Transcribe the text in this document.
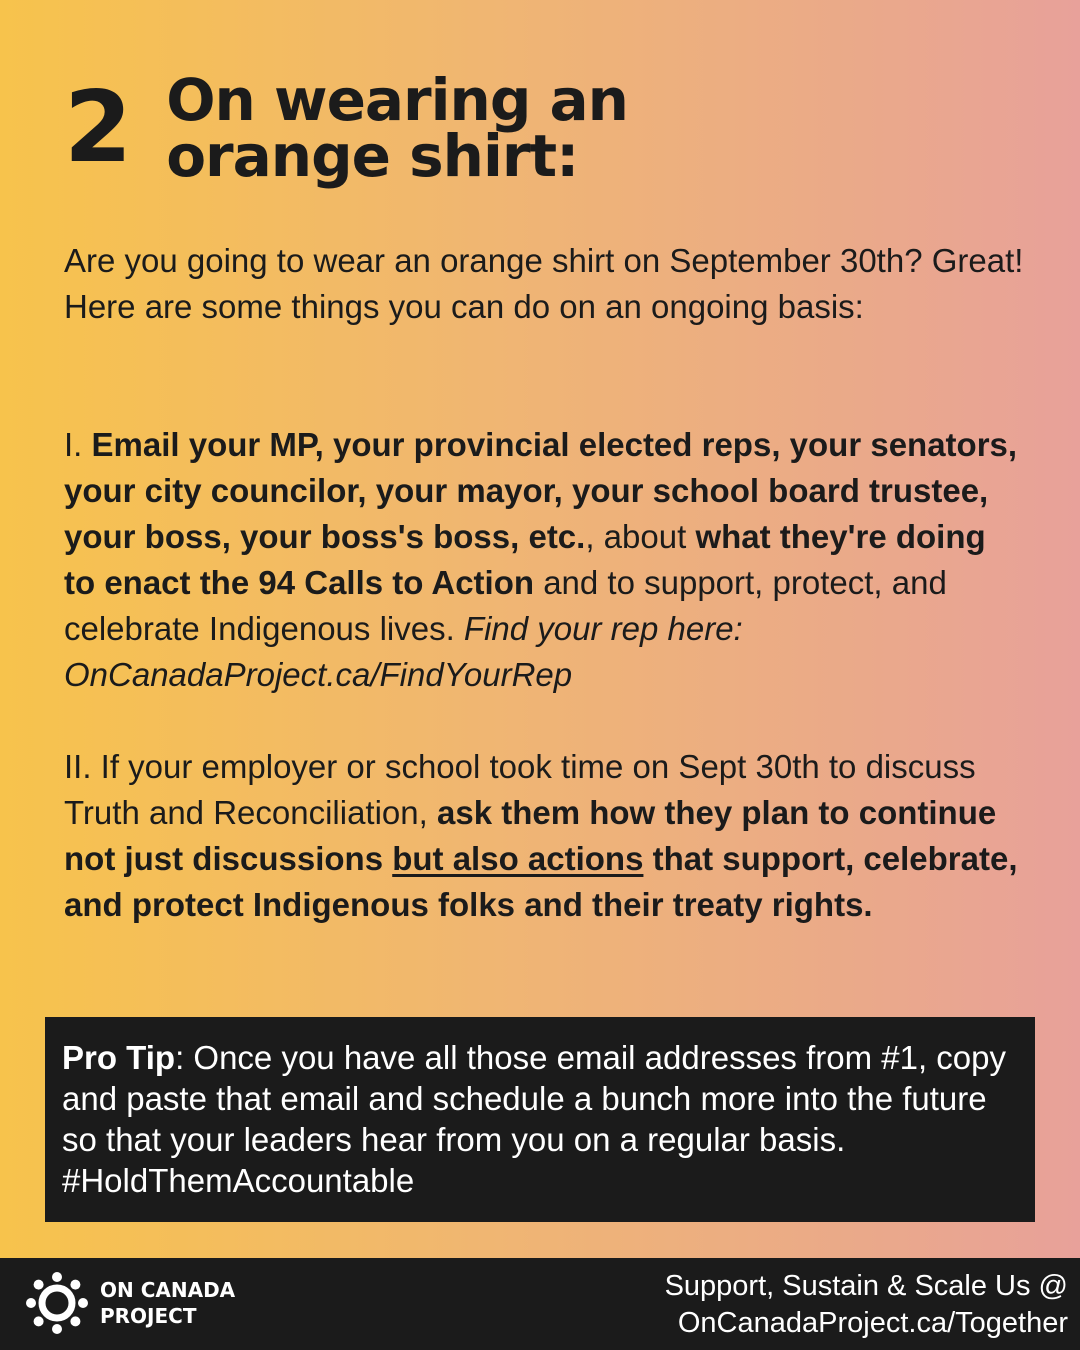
2 On wearing an orange shirt:

Are you going to wear an orange shirt on September 30th? Great! Here are some things you can do on an ongoing basis:

I. Email your MP, your provincial elected reps, your senators, your city councilor, your mayor, your school board trustee, your boss, your boss's boss, etc., about what they're doing to enact the 94 Calls to Action and to support, protect, and celebrate Indigenous lives. Find your rep here: OnCanadaProject.ca/FindYourRep

II. If your employer or school took time on Sept 30th to discuss Truth and Reconciliation, ask them how they plan to continue not just discussions but also actions that support, celebrate, and protect Indigenous folks and their treaty rights.

Pro Tip: Once you have all those email addresses from #1, copy and paste that email and schedule a bunch more into the future so that your leaders hear from you on a regular basis. #HoldThemAccountable
ON CANADA
PROJECT
Support, Sustain & Scale Us @
OnCanadaProject.ca/Together
